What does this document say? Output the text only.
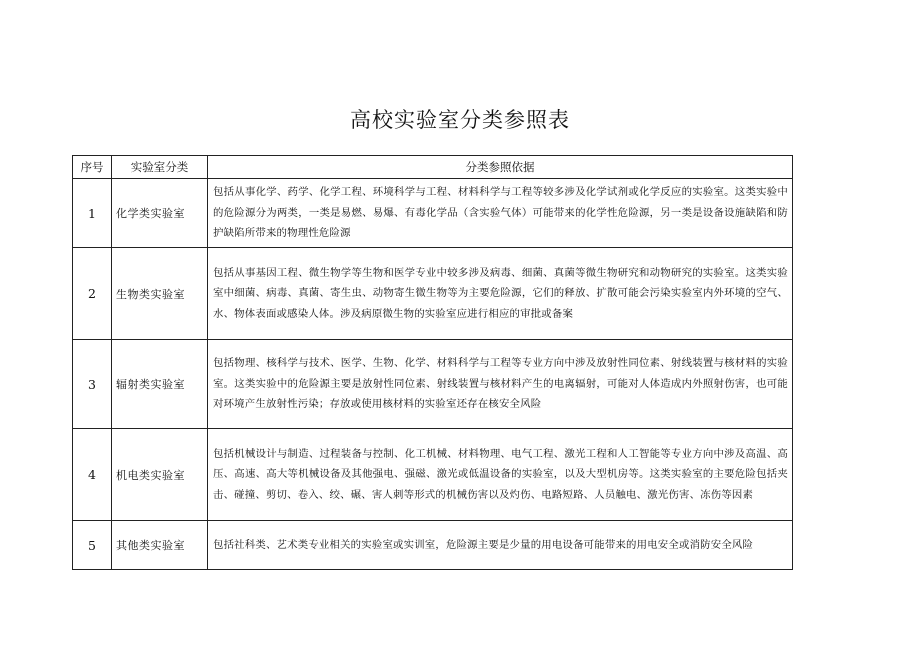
高校实验室分类参照表
序号	实验室分类	分类参照依据
1	化学类实验室	包括从事化学、药学、化学工程、环境科学与工程、材料科学与工程等较多涉及化学试剂或化学反应的实验室。这类实验中的危险源分为两类，一类是易燃、易爆、有毒化学品（含实验气体）可能带来的化学性危险源，另一类是设备设施缺陷和防护缺陷所带来的物理性危险源
2	生物类实验室	包括从事基因工程、微生物学等生物和医学专业中较多涉及病毒、细菌、真菌等微生物研究和动物研究的实验室。这类实验室中细菌、病毒、真菌、寄生虫、动物寄生微生物等为主要危险源，它们的释放、扩散可能会污染实验室内外环境的空气、水、物体表面或感染人体。涉及病原微生物的实验室应进行相应的审批或备案
3	辐射类实验室	包括物理、核科学与技术、医学、生物、化学、材料科学与工程等专业方向中涉及放射性同位素、射线装置与核材料的实验室。这类实验中的危险源主要是放射性同位素、射线装置与核材料产生的电离辐射，可能对人体造成内外照射伤害，也可能对环境产生放射性污染；存放或使用核材料的实验室还存在核安全风险
4	机电类实验室	包括机械设计与制造、过程装备与控制、化工机械、材料物理、电气工程、激光工程和人工智能等专业方向中涉及高温、高压、高速、高大等机械设备及其他强电、强磁、激光或低温设备的实验室，以及大型机房等。这类实验室的主要危险包括夹击、碰撞、剪切、卷入、绞、碾、害人刺等形式的机械伤害以及灼伤、电路短路、人员触电、激光伤害、冻伤等因素
5	其他类实验室	包括社科类、艺术类专业相关的实验室或实训室，危险源主要是少量的用电设备可能带来的用电安全或消防安全风险
